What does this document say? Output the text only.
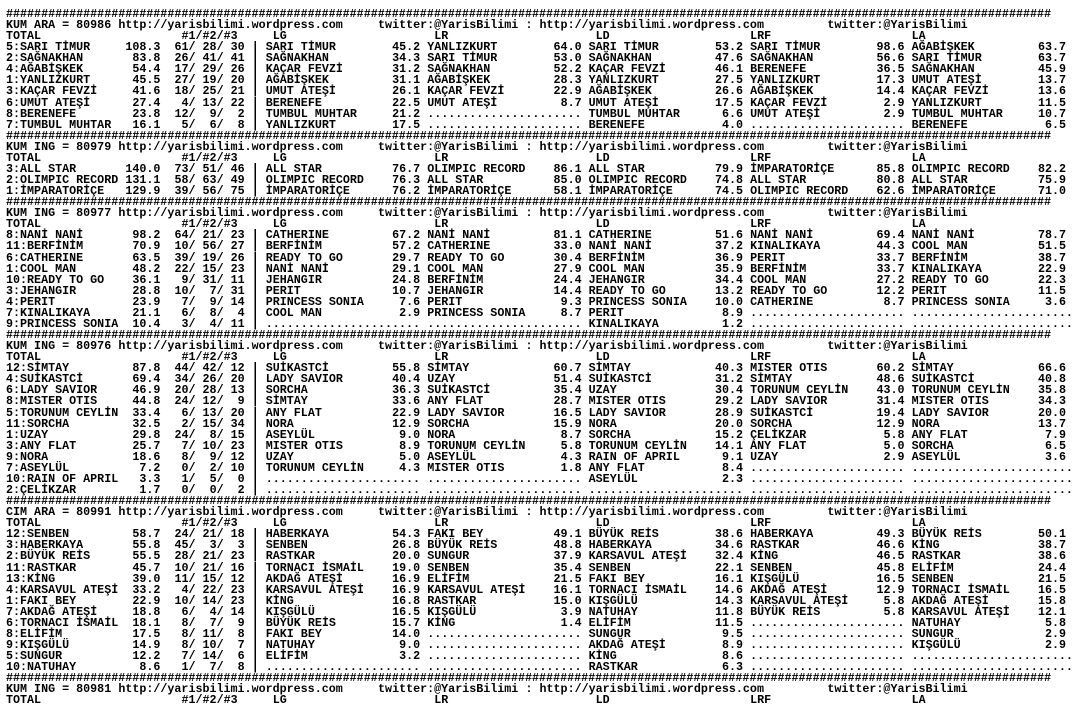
#####################################################################################################################################################
KUM ARA = 80986 http://yarisbilimi.wordpress.com	twitter:@YarisBilimi : http://yarisbilimi.wordpress.com	twitter:@YarisBilimi
TOTAL	#1/#2/#3	LG	LR	LD	LRF	LA
5:SARI TİMUR	108.3 61 / 28 / 30 | SARI TİMUR	45.2 YANLIZKURT	64.0 SARI TİMUR	53.2 SARI TİMUR	98.6 AĞABİŞKEK	63.7
2:SAĞNAKHAN	83.8 26 / 41 / 41 | SAĞNAKHAN	34.3 SARI TİMUR	53.0 SAĞNAKHAN	47.6 SAĞNAKHAN	56.6 SARI TİMUR	63.7
4:AĞABİŞKEK	54.4 17 / 29 / 26 | KAÇAR FEVZİ	31.2 SAĞNAKHAN	52.2 KAÇAR FEVZİ	46.1 BERENEFE	36.5 SAĞNAKHAN	45.9
1:YANLIZKURT	45.5 27 / 19 / 20 | AĞABİŞKEK	31.1 AĞABİŞKEK	28.3 YANLIZKURT	27.5 YANLIZKURT	17.3 UMUT ATEŞİ	13.7
3:KAÇAR FEVZİ	41.6 18 / 25 / 21 | UMUT ATEŞİ	26.1 KAÇAR FEVZİ	22.9 AĞABİŞKEK	26.6 AĞABİŞKEK	14.4 KAÇAR FEVZİ	13.6
6:UMUT ATEŞİ	27.4 4 / 13 / 22 | BERENEFE	22.5 UMUT ATEŞİ	8.7 UMUT ATEŞİ	17.5 KAÇAR FEVZİ	2.9 YANLIZKURT	11.5
8:BERENEFE	23.8 12 / 9 / 2 | TUMBUL MUHTAR	21.2 ...................... TUMBUL MUHTAR	6.6 UMUT ATEŞİ	2.9 TUMBUL MUHTAR	10.7
7:TUMBUL MUHTAR 16.1 5 / 6 / 8 | YANLIZKURT	17.5 ...................... BERENEFE	4.0 ...................... BERENEFE	6.5
#####################################################################################################################################################
KUM ING = 80979 http://yarisbilimi.wordpress.com	twitter:@YarisBilimi : http://yarisbilimi.wordpress.com	twitter:@YarisBilimi
TOTAL	#1/#2/#3	LG	LR	LD	LRF	LA
3:ALL STAR	140.0 73 / 51 / 46 | ALL STAR	76.7 OLIMPIC RECORD 86.1 ALL STAR	79.9 İMPARATORİÇE	85.8 OLIMPIC RECORD 82.2
2:OLIMPIC RECORD 131.1 58 / 63 / 49 | OLIMPIC RECORD 76.3 ALL STAR	85.0 OLIMPIC RECORD 74.8 ALL STAR	80.8 ALL STAR	75.9
1:İMPARATORİÇE 129.9 39 / 56 / 75 | İMPARATORİÇE	76.2 İMPARATORİÇE	58.1 İMPARATORİÇE	74.5 OLIMPIC RECORD 62.6 İMPARATORİÇE	71.0
#####################################################################################################################################################
KUM ING = 80977 http://yarisbilimi.wordpress.com	twitter:@YarisBilimi : http://yarisbilimi.wordpress.com	twitter:@YarisBilimi
TOTAL	#1/#2/#3	LG	LR	LD	LRF	LA
8:NANİ NANİ	98.2 64 / 21 / 23 | CATHERINE	67.2 NANİ NANİ	81.1 CATHERINE	51.6 NANİ NANİ	69.4 NANİ NANİ	78.7
11:BERFİNİM	70.9 10 / 56 / 27 | BERFİNİM	57.2 CATHERINE	33.0 NANİ NANİ	37.2 KINALIKAYA	44.3 COOL MAN	51.5
6:CATHERINE	63.5 39 / 19 / 26 | READY TO GO	29.7 READY TO GO	30.4 BERFİNİM	36.9 PERIT	33.7 BERFİNİM	38.7
1:COOL MAN	48.2 22 / 15 / 23 | NANİ NANİ	29.1 COOL MAN	27.9 COOL MAN	35.9 BERFİNİM	33.7 KINALIKAYA	22.9
10:READY TO GO 36.1 9 / 31 / 11 | JEHANGIR	24.8 BERFİNİM	24.4 JEHANGIR	34.4 COOL MAN	27.2 READY TO GO	22.3
3:JEHANGIR	28.8 10 / 7 / 31 | PERIT	10.7 JEHANGIR	14.4 READY TO GO	13.2 READY TO GO	12.2 PERIT	11.5
4:PERIT	23.9 7 / 9 / 14 | PRINCESS SONIA	7.6 PERIT	9.3 PRINCESS SONIA 10.0 CATHERINE	8.7 PRINCESS SONIA	3.6
7:KINALIKAYA	21.1 6 / 8 / 4 | COOL MAN	2.9 PRINCESS SONIA	8.7 PERIT	8.9 ...................... .......................
9:PRINCESS SONIA 10.4 3 / 4 / 11 | ...................... ...................... KINALIKAYA	1.2 ...................... .......................
#####################################################################################################################################################
KUM ING = 80976 http://yarisbilimi.wordpress.com	twitter:@YarisBilimi : http://yarisbilimi.wordpress.com	twitter:@YarisBilimi
TOTAL	#1/#2/#3	LG	LR	LD	LRF	LA
12:SİMTAY	87.8 44 / 42 / 12 | SUİKASTCİ	55.8 SİMTAY	60.7 SİMTAY	40.3 MISTER OTIS	60.2 SİMTAY	66.6
4:SUİKASTCİ	69.4 34 / 26 / 20 | LADY SAVIOR	40.4 UZAY	51.4 SUİKASTCİ	31.2 SİMTAY	48.6 SUİKASTCİ	40.8
6:LADY SAVIOR	46.9 20 / 28 / 13 | SORCHA	36.3 SUİKASTCİ	35.4 UZAY	30.4 TORUNUM CEYLİN 43.0 TORUNUM CEYLİN 35.8
8:MISTER OTIS	44.8 24 / 12 / 9 | SİMTAY	33.6 ANY FLAT	28.7 MISTER OTIS	29.2 LADY SAVIOR	31.4 MISTER OTIS	34.3
5:TORUNUM CEYLİN 33.4 6 / 13 / 20 | ANY FLAT	22.9 LADY SAVIOR	16.5 LADY SAVIOR	28.9 SUİKASTCİ	19.4 LADY SAVIOR	20.0
11:SORCHA	32.5 2 / 15 / 34 | NORA	12.9 SORCHA	15.9 NORA	20.0 SORCHA	12.9 NORA	13.7
1:UZAY	29.8 24 / 8 / 15 | ASEYLÜL	9.0 NORA	8.7 SORCHA	15.2 ÇELİKZAR	5.8 ANY FLAT	7.9
3:ANY FLAT	25.7 7 / 10 / 23 | MISTER OTIS	8.9 TORUNUM CEYLİN	5.8 TORUNUM CEYLİN 14.1 ANY FLAT	5.0 SORCHA	6.5
9:NORA	18.6 8 / 9 / 12 | UZAY	5.0 ASEYLÜL	4.3 RAIN OF APRIL	9.1 UZAY	2.9 ASEYLÜL	3.6
7:ASEYLÜL	7.2 0 / 2 / 10 | TORUNUM CEYLİN	4.3 MISTER OTIS	1.8 ANY FLAT	8.4 ...................... .......................
10:RAIN OF APRIL 3.3 1 / 5 / 0 | ...................... ...................... ASEYLÜL	2.3 ...................... .......................
2:ÇELİKZAR	1.7 0 / 0 / 2 | ...................... ...................... ...................... ...................... .......................
#####################################################################################################################################################
CIM ARA = 80991 http://yarisbilimi.wordpress.com	twitter:@YarisBilimi : http://yarisbilimi.wordpress.com	twitter:@YarisBilimi
TOTAL	#1/#2/#3	LG	LR	LD	LRF	LA
12:SENBEN	58.7 24 / 21 / 18 | HABERKAYA	54.3 FAKI BEY	49.1 BÜYÜK REİS	38.6 HABERKAYA	49.3 BÜYÜK REİS	50.1
3:HABERKAYA	55.8 45 / 3 / 3 | SENBEN	26.8 BÜYÜK REİS	48.8 HABERKAYA	34.6 RASTKAR	46.6 KİNG	38.7
2:BÜYÜK REİS	55.5 28 / 21 / 23 | RASTKAR	20.0 SUNGUR	37.9 KARSAVUL ATEŞİ 32.4 KİNG	46.5 RASTKAR	38.6
11:RASTKAR	45.7 10 / 21 / 16 | TORNACI İSMAİL 19.0 SENBEN	35.4 SENBEN	22.1 SENBEN	45.8 ELİFİM	24.4
13:KİNG	39.0 11 / 15 / 12 | AKDAĞ ATEŞİ	16.9 ELİFİM	21.5 FAKI BEY	16.1 KIŞGÜLÜ	16.5 SENBEN	21.5
4:KARSAVUL ATEŞİ 33.2 4 / 22 / 23 | KARSAVUL ATEŞİ 16.9 KARSAVUL ATEŞİ 16.1 TORNACI İSMAİL 14.6 AKDAĞ ATEŞİ	12.9 TORNACI İSMAİL 16.5
1:FAKI BEY	22.9 10 / 14 / 23 | KİNG	16.8 RASTKAR	15.0 KIŞGÜLÜ	14.3 KARSAVUL ATEŞİ	5.8 AKDAĞ ATEŞİ	15.8
7:AKDAĞ ATEŞİ	18.8 6 / 4 / 14 | KIŞGÜLÜ	16.5 KIŞGÜLÜ	3.9 NATUHAY	11.8 BÜYÜK REİS	5.8 KARSAVUL ATEŞİ 12.1
6:TORNACI İSMAİL 18.1 8 / 7 / 9 | BÜYÜK REİS	15.7 KİNG	1.4 ELİFİM	11.5 ...................... NATUHAY	5.8
8:ELİFİM	17.5 8 / 11 / 8 | FAKI BEY	14.0 ...................... SUNGUR	9.5 ...................... SUNGUR	2.9
9:KIŞGÜLÜ	14.9 8 / 10 / 7 | NATUHAY	9.0 ...................... AKDAĞ ATEŞİ	8.9 ...................... KIŞGÜLÜ	2.9
5:SUNGUR	12.2 7 / 14 / 6 | ELİFİM	3.2 ...................... KİNG	8.6 ...................... .......................
10:NATUHAY	8.6 1 / 7 / 8 | ...................... ...................... RASTKAR	6.3 ...................... .......................
#####################################################################################################################################################
KUM ING = 80981 http://yarisbilimi.wordpress.com	twitter:@YarisBilimi : http://yarisbilimi.wordpress.com	twitter:@YarisBilimi
TOTAL	#1/#2/#3	LG	LR	LD	LRF	LA
